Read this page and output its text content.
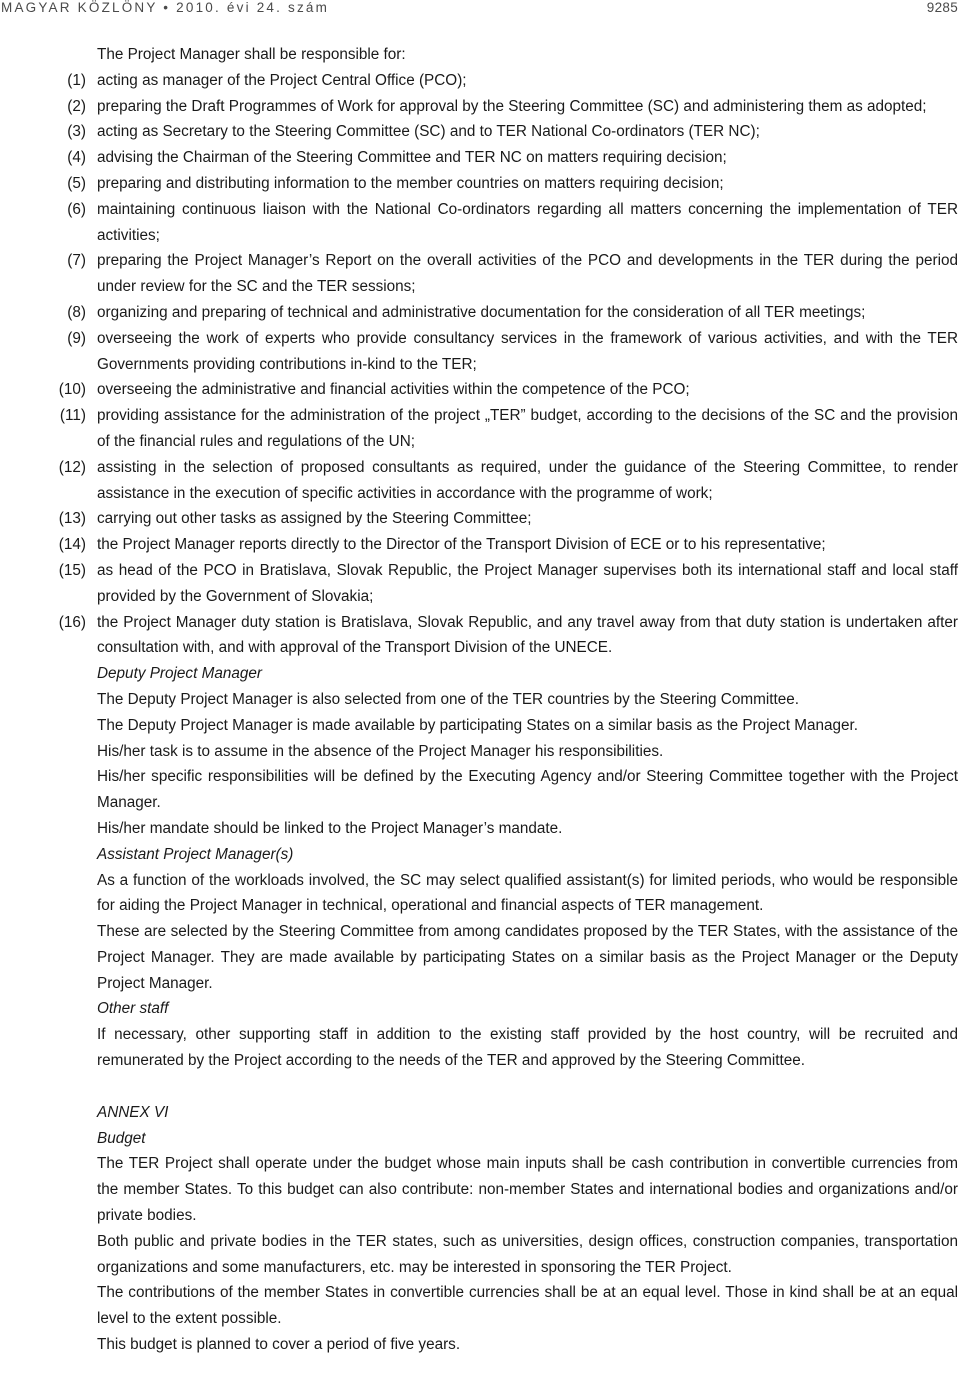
MAGYAR KÖZLÖNY • 2010. évi 24. szám	9285
The Project Manager shall be responsible for:
(1) acting as manager of the Project Central Office (PCO);
(2) preparing the Draft Programmes of Work for approval by the Steering Committee (SC) and administering them as adopted;
(3) acting as Secretary to the Steering Committee (SC) and to TER National Co-ordinators (TER NC);
(4) advising the Chairman of the Steering Committee and TER NC on matters requiring decision;
(5) preparing and distributing information to the member countries on matters requiring decision;
(6) maintaining continuous liaison with the National Co-ordinators regarding all matters concerning the implementation of TER activities;
(7) preparing the Project Manager’s Report on the overall activities of the PCO and developments in the TER during the period under review for the SC and the TER sessions;
(8) organizing and preparing of technical and administrative documentation for the consideration of all TER meetings;
(9) overseeing the work of experts who provide consultancy services in the framework of various activities, and with the TER Governments providing contributions in-kind to the TER;
(10) overseeing the administrative and financial activities within the competence of the PCO;
(11) providing assistance for the administration of the project „TER” budget, according to the decisions of the SC and the provision of the financial rules and regulations of the UN;
(12) assisting in the selection of proposed consultants as required, under the guidance of the Steering Committee, to render assistance in the execution of specific activities in accordance with the programme of work;
(13) carrying out other tasks as assigned by the Steering Committee;
(14) the Project Manager reports directly to the Director of the Transport Division of ECE or to his representative;
(15) as head of the PCO in Bratislava, Slovak Republic, the Project Manager supervises both its international staff and local staff provided by the Government of Slovakia;
(16) the Project Manager duty station is Bratislava, Slovak Republic, and any travel away from that duty station is undertaken after consultation with, and with approval of the Transport Division of the UNECE.
Deputy Project Manager
The Deputy Project Manager is also selected from one of the TER countries by the Steering Committee.
The Deputy Project Manager is made available by participating States on a similar basis as the Project Manager.
His/her task is to assume in the absence of the Project Manager his responsibilities.
His/her specific responsibilities will be defined by the Executing Agency and/or Steering Committee together with the Project Manager.
His/her mandate should be linked to the Project Manager’s mandate.
Assistant Project Manager(s)
As a function of the workloads involved, the SC may select qualified assistant(s) for limited periods, who would be responsible for aiding the Project Manager in technical, operational and financial aspects of TER management.
These are selected by the Steering Committee from among candidates proposed by the TER States, with the assistance of the Project Manager. They are made available by participating States on a similar basis as the Project Manager or the Deputy Project Manager.
Other staff
If necessary, other supporting staff in addition to the existing staff provided by the host country, will be recruited and remunerated by the Project according to the needs of the TER and approved by the Steering Committee.
ANNEX VI
Budget
The TER Project shall operate under the budget whose main inputs shall be cash contribution in convertible currencies from the member States. To this budget can also contribute: non-member States and international bodies and organizations and/or private bodies.
Both public and private bodies in the TER states, such as universities, design offices, construction companies, transportation organizations and some manufacturers, etc. may be interested in sponsoring the TER Project.
The contributions of the member States in convertible currencies shall be at an equal level. Those in kind shall be at an equal level to the extent possible.
This budget is planned to cover a period of five years.
